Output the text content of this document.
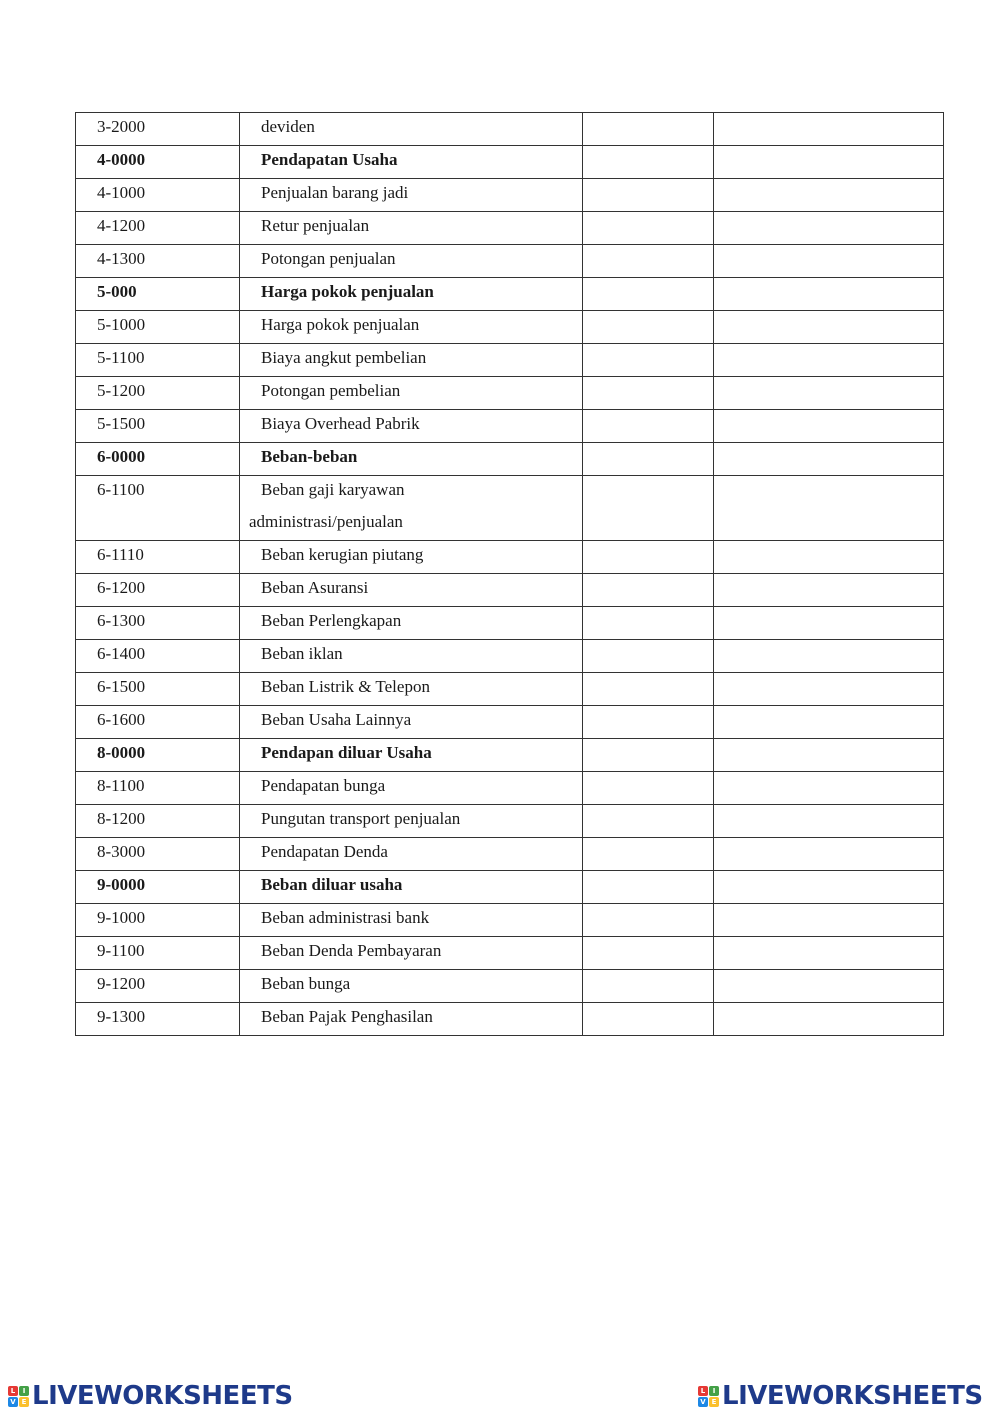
3-2000	deviden		
4-0000	Pendapatan Usaha		
4-1000	Penjualan barang jadi		
4-1200	Retur penjualan		
4-1300	Potongan penjualan		
5-000	Harga pokok penjualan		
5-1000	Harga pokok penjualan		
5-1100	Biaya angkut pembelian		
5-1200	Potongan pembelian		
5-1500	Biaya Overhead Pabrik		
6-0000	Beban-beban		
6-1100	Beban gaji karyawan
administrasi/penjualan		

6-1110	Beban kerugian piutang		
6-1200	Beban Asuransi		
6-1300	Beban Perlengkapan		
6-1400	Beban iklan		
6-1500	Beban Listrik & Telepon		
6-1600	Beban Usaha Lainnya		
8-0000	Pendapan diluar Usaha		
8-1100	Pendapatan bunga		
8-1200	Pungutan transport penjualan		
8-3000	Pendapatan Denda		
9-0000	Beban diluar usaha		
9-1000	Beban administrasi bank		
9-1100	Beban Denda Pembayaran		
9-1200	Beban bunga		
9-1300	Beban Pajak Penghasilan		
L	I
V E LIVEWORKSHEETS	L	I
V E LIVEWORKSHEETS
